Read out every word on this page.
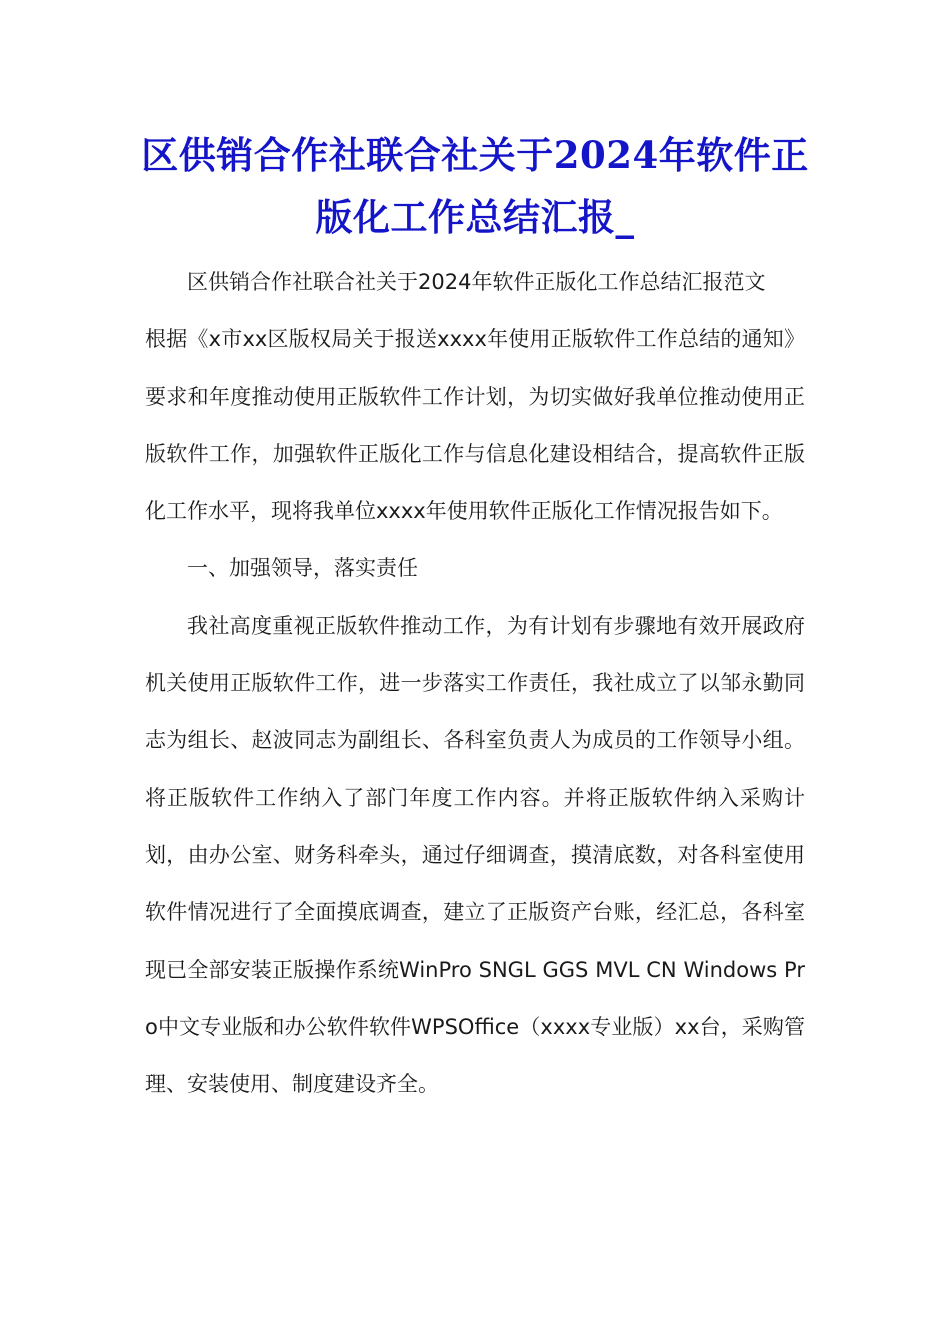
区供销合作社联合社关于2024年软件正版化工作总结汇报_

区供销合作社联合社关于2024年软件正版化工作总结汇报范文

根据《x市xx区版权局关于报送xxxx年使用正版软件工作总结的通知》要求和年度推动使用正版软件工作计划，为切实做好我单位推动使用正版软件工作，加强软件正版化工作与信息化建设相结合，提高软件正版化工作水平，现将我单位xxxx年使用软件正版化工作情况报告如下。

一、加强领导，落实责任

我社高度重视正版软件推动工作，为有计划有步骤地有效开展政府机关使用正版软件工作，进一步落实工作责任，我社成立了以邹永勤同志为组长、赵波同志为副组长、各科室负责人为成员的工作领导小组。将正版软件工作纳入了部门年度工作内容。并将正版软件纳入采购计划，由办公室、财务科牵头，通过仔细调查，摸清底数，对各科室使用软件情况进行了全面摸底调查，建立了正版资产台账，经汇总，各科室现已全部安装正版操作系统WinPro SNGL GGS MVL CN Windows Pro中文专业版和办公软件软件WPSOffice（xxxx专业版）xx台，采购管理、安装使用、制度建设齐全。
